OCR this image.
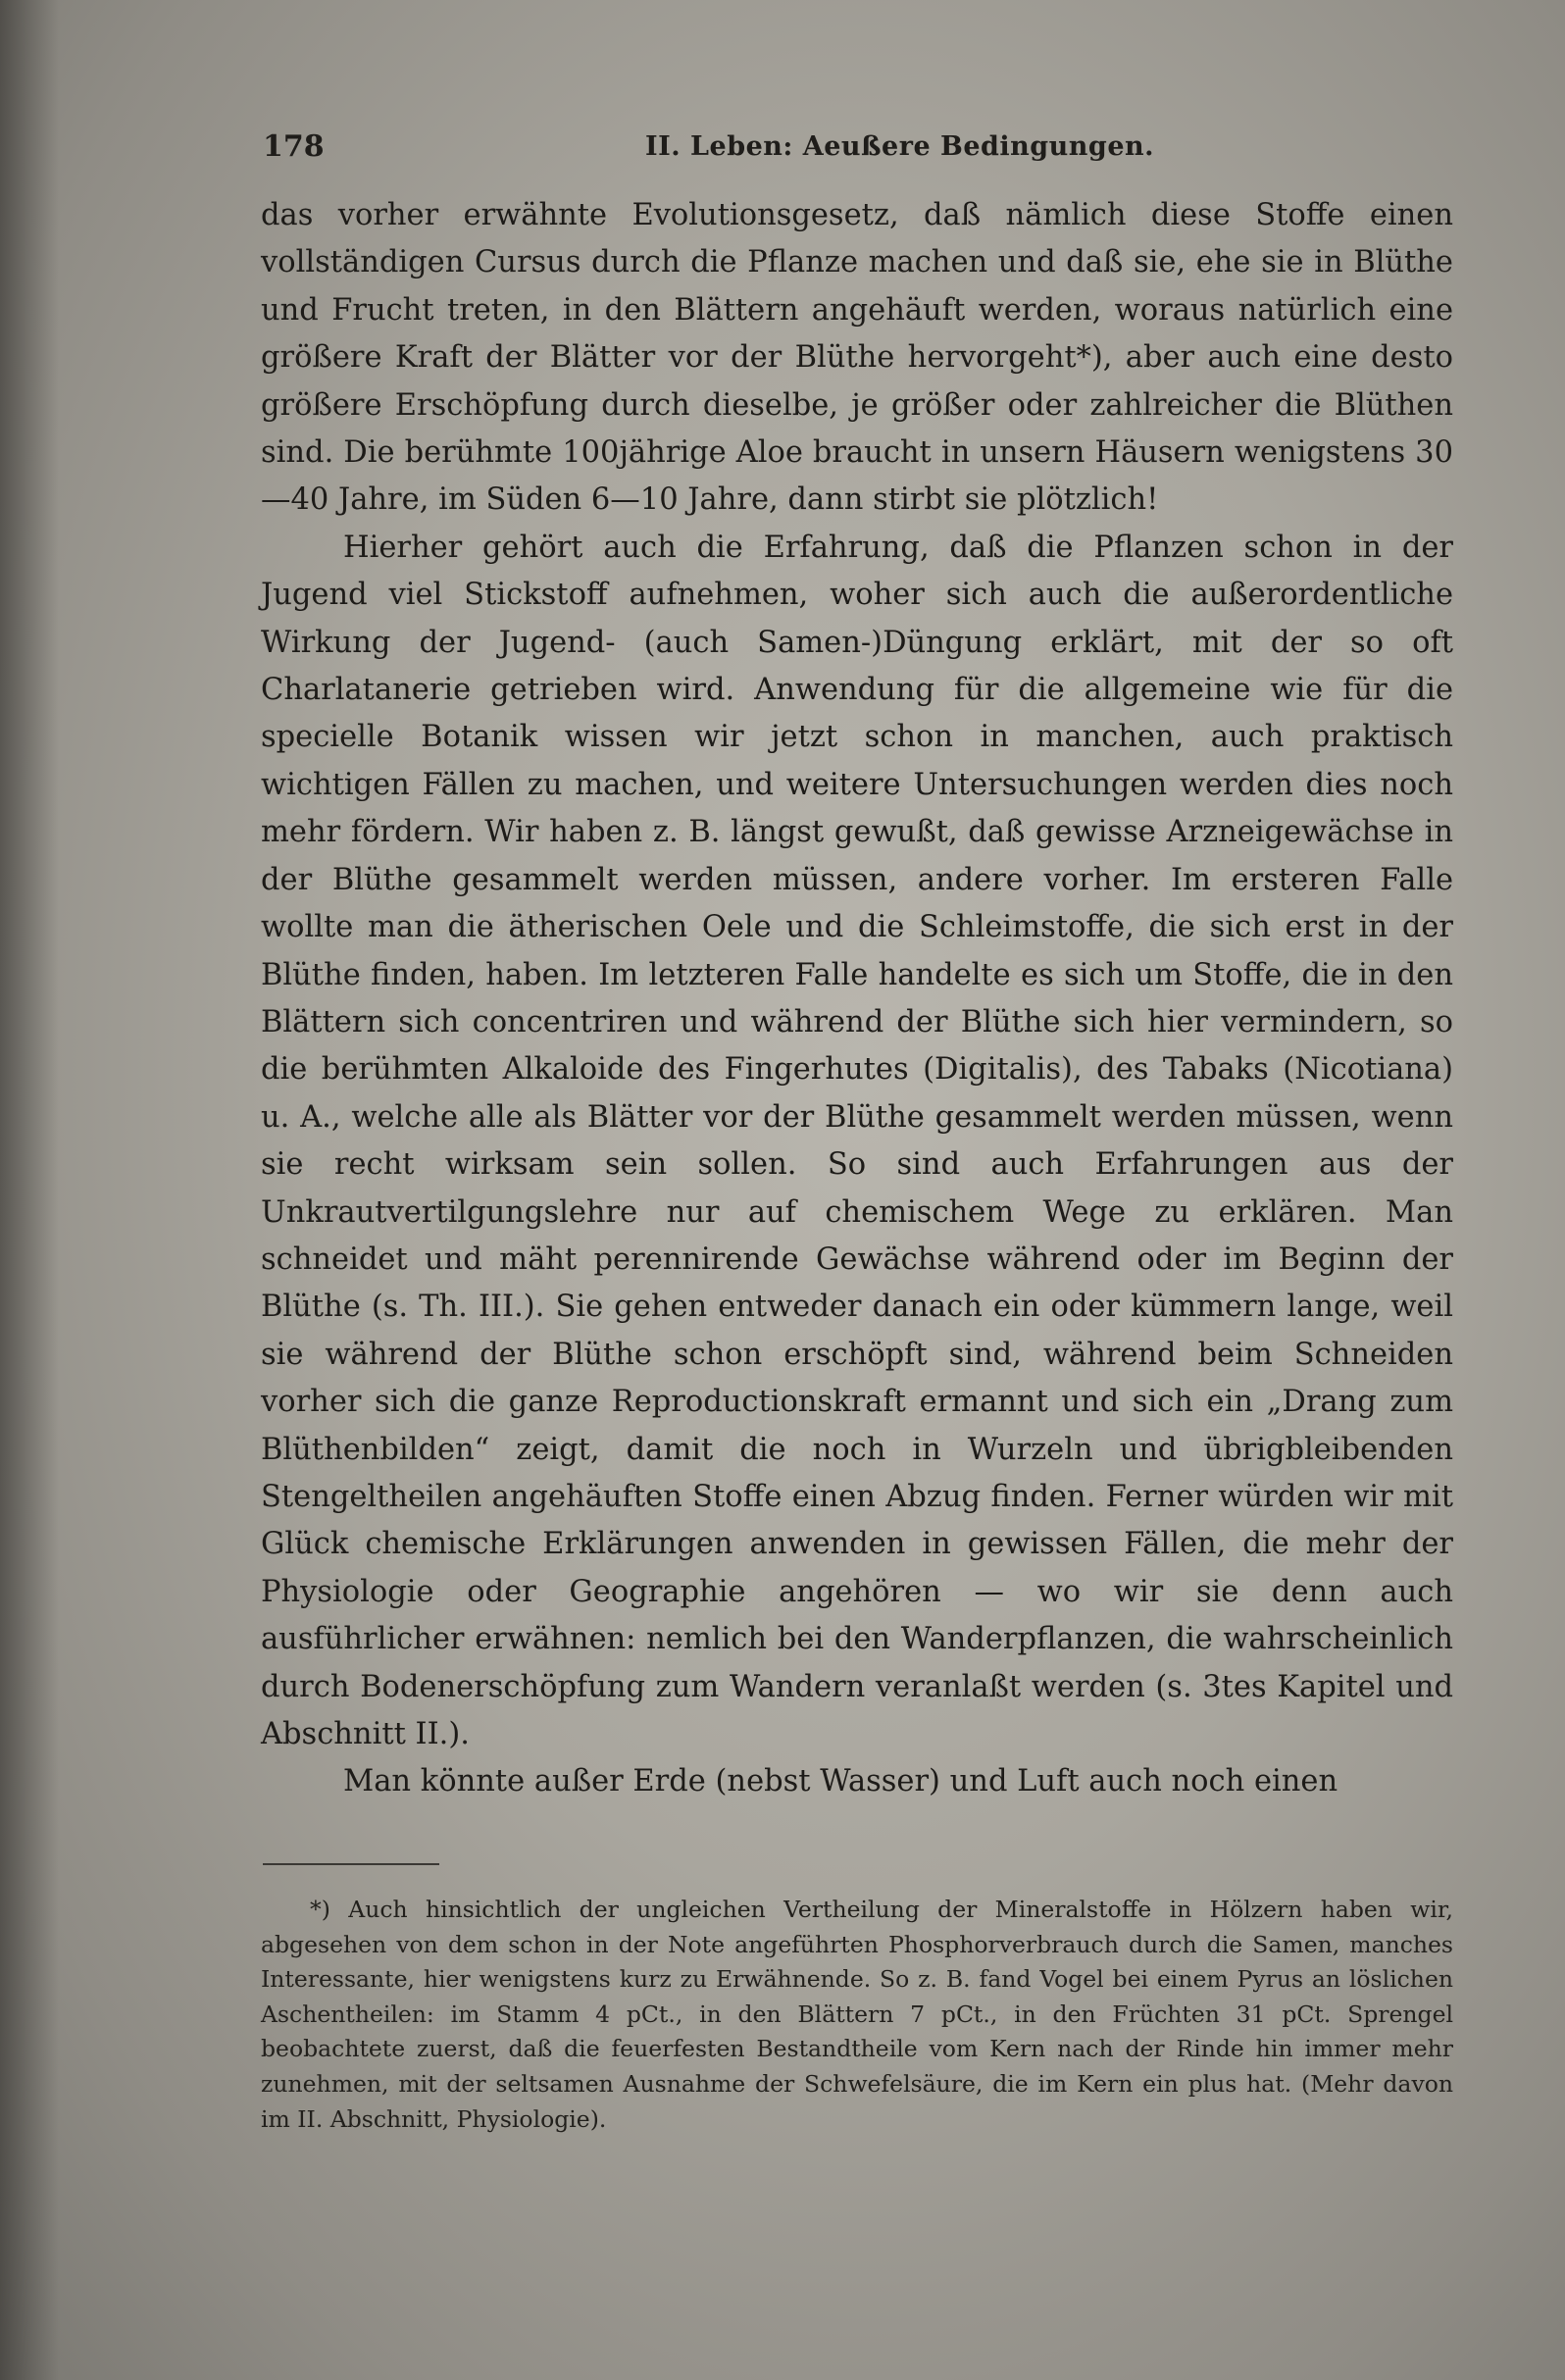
178	II. Leben: Aeußere Bedingungen.

das vorher erwähnte Evolutionsgesetz, daß nämlich diese Stoffe einen vollständigen Cursus durch die Pflanze machen und daß sie, ehe sie in Blüthe und Frucht treten, in den Blättern angehäuft werden, woraus natürlich eine größere Kraft der Blätter vor der Blüthe hervorgeht*), aber auch eine desto größere Erschöpfung durch dieselbe, je größer oder zahlreicher die Blüthen sind. Die berühmte 100jährige Aloe braucht in unsern Häusern wenigstens 30—40 Jahre, im Süden 6—10 Jahre, dann stirbt sie plötzlich!

Hierher gehört auch die Erfahrung, daß die Pflanzen schon in der Jugend viel Stickstoff aufnehmen, woher sich auch die außerordentliche Wirkung der Jugend- (auch Samen-)Düngung erklärt, mit der so oft Charlatanerie getrieben wird. Anwendung für die allgemeine wie für die specielle Botanik wissen wir jetzt schon in manchen, auch praktisch wichtigen Fällen zu machen, und weitere Untersuchungen werden dies noch mehr fördern. Wir haben z. B. längst gewußt, daß gewisse Arzneigewächse in der Blüthe gesammelt werden müssen, andere vorher. Im ersteren Falle wollte man die ätherischen Oele und die Schleimstoffe, die sich erst in der Blüthe finden, haben. Im letzteren Falle handelte es sich um Stoffe, die in den Blättern sich concentriren und während der Blüthe sich hier vermindern, so die berühmten Alkaloide des Fingerhutes (Digitalis), des Tabaks (Nicotiana) u. A., welche alle als Blätter vor der Blüthe gesammelt werden müssen, wenn sie recht wirksam sein sollen. So sind auch Erfahrungen aus der Unkrautvertilgungslehre nur auf chemischem Wege zu erklären. Man schneidet und mäht perennirende Gewächse während oder im Beginn der Blüthe (s. Th. III.). Sie gehen entweder danach ein oder kümmern lange, weil sie während der Blüthe schon erschöpft sind, während beim Schneiden vorher sich die ganze Reproductionskraft ermannt und sich ein „Drang zum Blüthenbilden“ zeigt, damit die noch in Wurzeln und übrigbleibenden Stengeltheilen angehäuften Stoffe einen Abzug finden. Ferner würden wir mit Glück chemische Erklärungen anwenden in gewissen Fällen, die mehr der Physiologie oder Geographie angehören — wo wir sie denn auch ausführlicher erwähnen: nemlich bei den Wanderpflanzen, die wahrscheinlich durch Bodenerschöpfung zum Wandern veranlaßt werden (s. 3tes Kapitel und Abschnitt II.).

Man könnte außer Erde (nebst Wasser) und Luft auch noch einen

*) Auch hinsichtlich der ungleichen Vertheilung der Mineralstoffe in Hölzern haben wir, abgesehen von dem schon in der Note angeführten Phosphorverbrauch durch die Samen, manches Interessante, hier wenigstens kurz zu Erwähnende. So z. B. fand Vogel bei einem Pyrus an löslichen Aschentheilen: im Stamm 4 pCt., in den Blättern 7 pCt., in den Früchten 31 pCt. Sprengel beobachtete zuerst, daß die feuerfesten Bestandtheile vom Kern nach der Rinde hin immer mehr zunehmen, mit der seltsamen Ausnahme der Schwefelsäure, die im Kern ein plus hat. (Mehr davon im II. Abschnitt, Physiologie).
